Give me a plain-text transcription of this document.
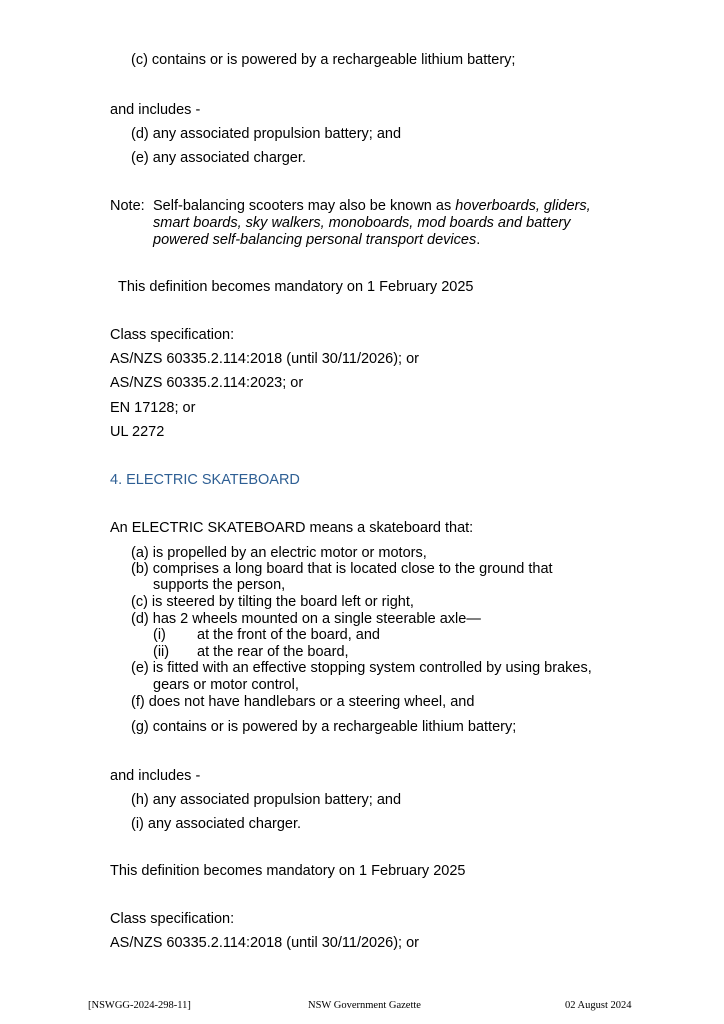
(c) contains or is powered by a rechargeable lithium battery;
and includes -
(d) any associated propulsion battery; and
(e) any associated charger.
Note: Self-balancing scooters may also be known as hoverboards, gliders,
smart boards, sky walkers, monoboards, mod boards and battery
powered self-balancing personal transport devices.
This definition becomes mandatory on 1 February 2025
Class specification:
AS/NZS 60335.2.114:2018 (until 30/11/2026); or
AS/NZS 60335.2.114:2023; or
EN 17128; or
UL 2272
4. ELECTRIC SKATEBOARD
An ELECTRIC SKATEBOARD means a skateboard that:
(a) is propelled by an electric motor or motors,
(b) comprises a long board that is located close to the ground that
supports the person,
(c) is steered by tilting the board left or right,
(d) has 2 wheels mounted on a single steerable axle—
(i) at the front of the board, and
(ii) at the rear of the board,
(e) is fitted with an effective stopping system controlled by using brakes,
gears or motor control,
(f) does not have handlebars or a steering wheel, and
(g) contains or is powered by a rechargeable lithium battery;
and includes -
(h) any associated propulsion battery; and
(i) any associated charger.
This definition becomes mandatory on 1 February 2025
Class specification:
AS/NZS 60335.2.114:2018 (until 30/11/2026); or
[NSWGG-2024-298-11]	NSW Government Gazette	02 August 2024
